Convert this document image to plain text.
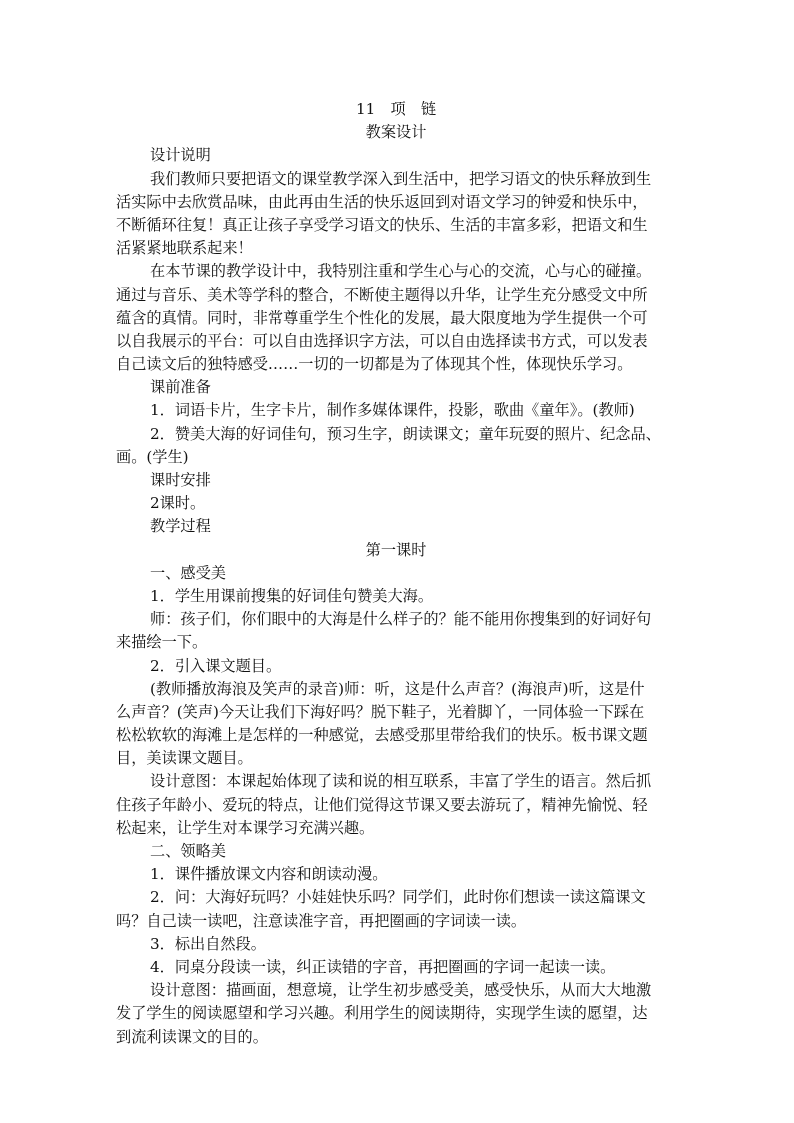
11　项　链
教案设计
设计说明
我们教师只要把语文的课堂教学深入到生活中，把学习语文的快乐释放到生
活实际中去欣赏品味，由此再由生活的快乐返回到对语文学习的钟爱和快乐中，
不断循环往复！真正让孩子享受学习语文的快乐、生活的丰富多彩，把语文和生
活紧紧地联系起来！
在本节课的教学设计中，我特别注重和学生心与心的交流，心与心的碰撞。
通过与音乐、美术等学科的整合，不断使主题得以升华，让学生充分感受文中所
蕴含的真情。同时，非常尊重学生个性化的发展，最大限度地为学生提供一个可
以自我展示的平台：可以自由选择识字方法，可以自由选择读书方式，可以发表
自己读文后的独特感受……一切的一切都是为了体现其个性，体现快乐学习。
课前准备
1．词语卡片，生字卡片，制作多媒体课件，投影，歌曲《童年》。(教师)
2．赞美大海的好词佳句，预习生字，朗读课文；童年玩耍的照片、纪念品、
画。(学生)
课时安排
2课时。
教学过程
第一课时
一、感受美
1．学生用课前搜集的好词佳句赞美大海。
师：孩子们，你们眼中的大海是什么样子的？能不能用你搜集到的好词好句
来描绘一下。
2．引入课文题目。
(教师播放海浪及笑声的录音)师：听，这是什么声音？(海浪声)听，这是什
么声音？(笑声)今天让我们下海好吗？脱下鞋子，光着脚丫，一同体验一下踩在
松松软软的海滩上是怎样的一种感觉，去感受那里带给我们的快乐。板书课文题
目，美读课文题目。
设计意图：本课起始体现了读和说的相互联系，丰富了学生的语言。然后抓
住孩子年龄小、爱玩的特点，让他们觉得这节课又要去游玩了，精神先愉悦、轻
松起来，让学生对本课学习充满兴趣。
二、领略美
1．课件播放课文内容和朗读动漫。
2．问：大海好玩吗？小娃娃快乐吗？同学们，此时你们想读一读这篇课文
吗？自己读一读吧，注意读准字音，再把圈画的字词读一读。
3．标出自然段。
4．同桌分段读一读，纠正读错的字音，再把圈画的字词一起读一读。
设计意图：描画面，想意境，让学生初步感受美，感受快乐，从而大大地激
发了学生的阅读愿望和学习兴趣。利用学生的阅读期待，实现学生读的愿望，达
到流利读课文的目的。
